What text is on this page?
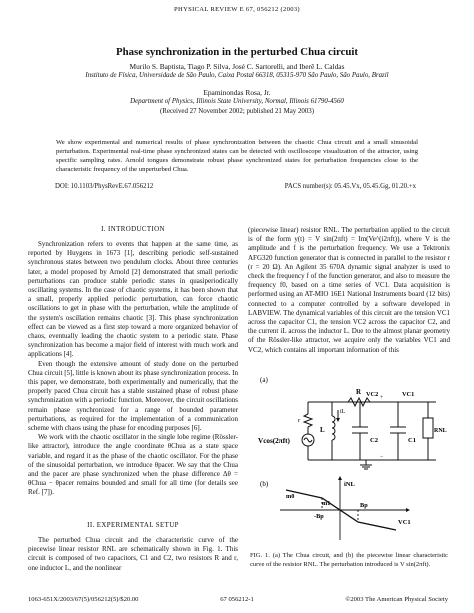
PHYSICAL REVIEW E 67, 056212 (2003)
Phase synchronization in the perturbed Chua circuit
Murilo S. Baptista, Tiago P. Silva, José C. Sartorelli, and Iberê L. Caldas
Instituto de Física, Universidade de São Paulo, Caixa Postal 66318, 05315-970 São Paulo, São Paulo, Brazil
Epaminondas Rosa, Jr.
Department of Physics, Illinois State University, Normal, Illinois 61790-4560
(Received 27 November 2002; published 21 May 2003)
We show experimental and numerical results of phase synchronization between the chaotic Chua circuit and a small sinusoidal perturbation. Experimental real-time phase synchronized states can be detected with oscilloscope visualization of the attractor, using specific sampling rates. Arnold tongues demonstrate robust phase synchronized states for perturbation frequencies close to the characteristic frequency of the unperturbed Chua.
DOI: 10.1103/PhysRevE.67.056212	PACS number(s): 05.45.Vx, 05.45.Gg, 01.20.+x
I. INTRODUCTION

Synchronization refers to events that happen at the same time, as reported by Huygens in 1673 [1], describing periodic self-sustained synchronous states between two pendulum clocks. About three centuries later, a model proposed by Arnold [2] demonstrated that small periodic perturbations can produce stable periodic states in quasiperiodically oscillating systems. In the case of chaotic systems, it has been shown that a small, properly applied periodic perturbation, can force chaotic oscillations to get in phase with the perturbation, while the amplitude of the system's oscillation remains chaotic [3]. This phase synchronization effect can be viewed as a first step toward a more organized behavior of chaos, eventually leading the chaotic system to a periodic state. Phase synchronization has become a major field of interest with much work and applications [4].

Even though the extensive amount of study done on the perturbed Chua circuit [5], little is known about its phase synchronization process. In this paper, we demonstrate, both experimentally and numerically, that the properly paced Chua circuit has a stable sustained phase of robust phase synchronization with a periodic function. Moreover, the circuit oscillations remain phase synchronized for a range of bounded parameter perturbations, as required for the implementation of a communication scheme with chaos using the phase for encoding purposes [6].

We work with the chaotic oscillator in the single lobe regime (Rössler-like attractor), introduce the angle coordinate θChua as a state space variable, and regard it as the phase of the chaotic oscillator. For the phase of the sinusoidal perturbation, we introduce θpacer. We say that the Chua and the pacer are phase synchronized when the phase difference Δθ = θChua − θpacer remains bounded and small for all time (for details see Ref. [7]).

II. EXPERIMENTAL SETUP

The perturbed Chua circuit and the characteristic curve of the piecewise linear resistor RNL are schematically shown in Fig. 1. This circuit is composed of two capacitors, C1 and C2, two resistors R and r, one inductor L, and the nonlinear

(piecewise linear) resistor RNL. The perturbation applied to the circuit is of the form y(t) = V sin(2πft) = Im(Ve^(i2πft)), where V is the amplitude and f is the perturbation frequency. We use a Tektronix AFG320 function generator that is connected in parallel to the resistor r (r = 20 Ω). An Agilent 35 670A dynamic signal analyzer is used to check the frequency f of the function generator, and also to measure the frequency f0, based on a time series of VC1. Data acquisition is performed using an AT-MIO 16E1 National Instruments board (12 bits) connected to a computer controlled by a software developed in LABVIEW. The dynamical variables of this circuit are the tension VC1 across the capacitor C1, the tension VC2 across the capacitor C2, and the current iL across the inductor L. Due to the almost planar geometry of the Rössler-like attractor, we acquire only the variables VC1 and VC2, which contains all important information of this

(a)
Vcos(2πft)
r
R
L
iL
C2	C1
RNL
VC2	VC1
+
−
(b)	iNL
m0
m1	Bp
-Bp
VC1
FIG. 1. (a) The Chua circuit, and (b) the piecewise linear characteristic curve of the resistor RNL. The perturbation introduced is V sin(2πft).
1063-651X/2003/67(5)/056212(5)/$20.00	67 056212-1	©2003 The American Physical Society
